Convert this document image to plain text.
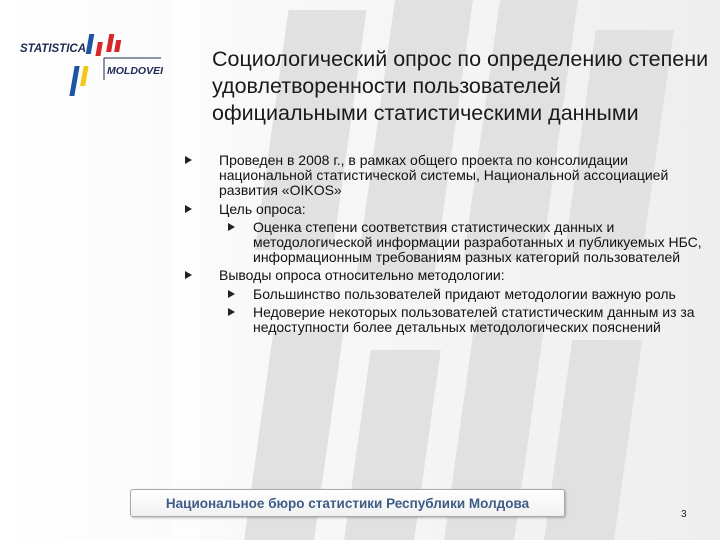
STATISTICA
MOLDOVEI Социологический опрос по определению степени удовлетворенности пользователей официальными статистическими данными
Проведен в 2008 г., в рамках общего проекта по консолидации национальной статистической системы, Национальной ассоциацией развития «OIKOS»
Цель опроса:
Оценка степени соответствия статистических данных и методологической информации разработанных и публикуемых НБС, информационным требованиям разных категорий пользователей
Выводы опроса относительно методологии:
Большинство пользователей придают методологии важную роль
Недоверие некоторых пользователей статистическим данным из за недоступности более детальных методологических пояснений
Национальное бюро статистики Республики Молдова
3
